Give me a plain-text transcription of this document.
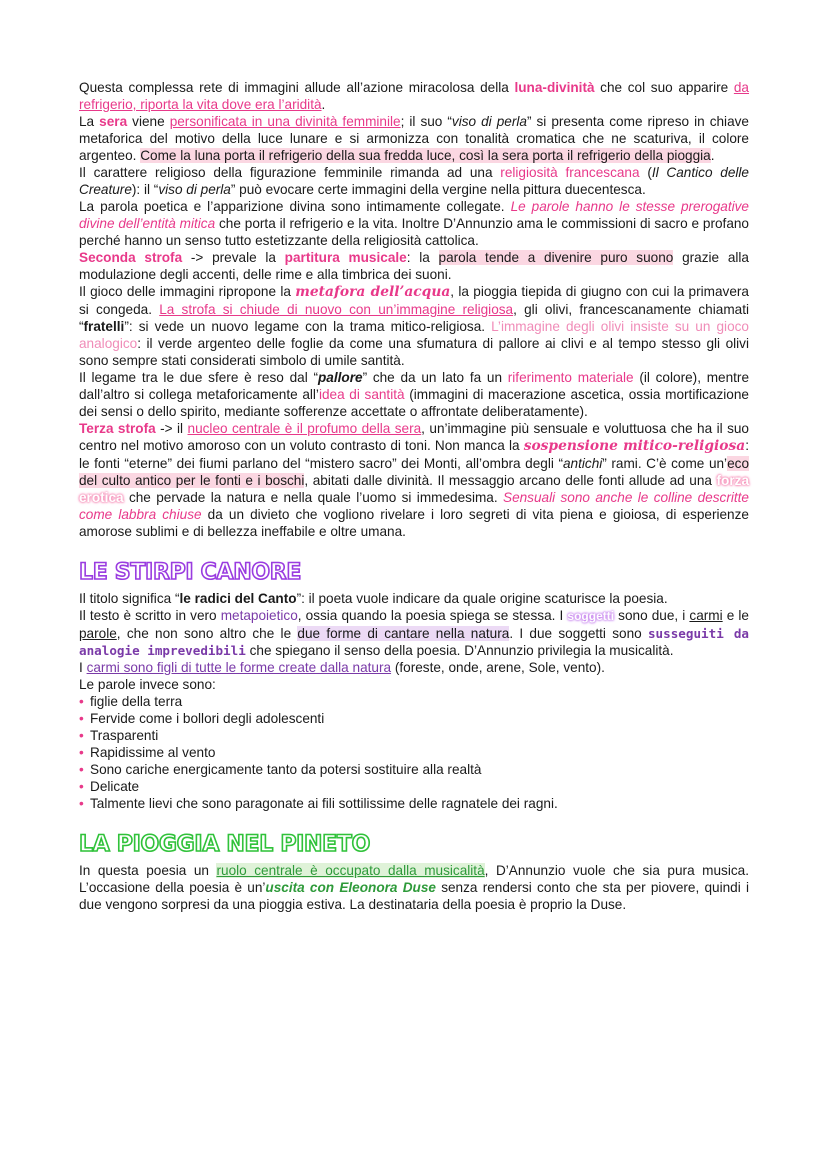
Questa complessa rete di immagini allude all’azione miracolosa della luna-divinità che col suo apparire da refrigerio, riporta la vita dove era l’aridità.

La sera viene personificata in una divinità femminile; il suo “viso di perla” si presenta come ripreso in chiave metaforica del motivo della luce lunare e si armonizza con tonalità cromatica che ne scaturiva, il colore argenteo. Come la luna porta il refrigerio della sua fredda luce, così la sera porta il refrigerio della pioggia.

Il carattere religioso della figurazione femminile rimanda ad una religiosità francescana (Il Cantico delle Creature): il “viso di perla” può evocare certe immagini della vergine nella pittura duecentesca.

La parola poetica e l’apparizione divina sono intimamente collegate. Le parole hanno le stesse prerogative divine dell’entità mitica che porta il refrigerio e la vita. Inoltre D’Annunzio ama le commissioni di sacro e profano perché hanno un senso tutto estetizzante della religiosità cattolica.

Seconda strofa -> prevale la partitura musicale: la parola tende a divenire puro suono grazie alla modulazione degli accenti, delle rime e alla timbrica dei suoni.

Il gioco delle immagini ripropone la metafora dell’acqua, la pioggia tiepida di giugno con cui la primavera si congeda. La strofa si chiude di nuovo con un’immagine religiosa, gli olivi, francescanamente chiamati “fratelli”: si vede un nuovo legame con la trama mitico-religiosa. L’immagine degli olivi insiste su un gioco analogico: il verde argenteo delle foglie da come una sfumatura di pallore ai clivi e al tempo stesso gli olivi sono sempre stati considerati simbolo di umile santità.

Il legame tra le due sfere è reso dal “pallore” che da un lato fa un riferimento materiale (il colore), mentre dall’altro si collega metaforicamente all’idea di santità (immagini di macerazione ascetica, ossia mortificazione dei sensi o dello spirito, mediante sofferenze accettate o affrontate deliberatamente).

Terza strofa -> il nucleo centrale è il profumo della sera, un’immagine più sensuale e voluttuosa che ha il suo centro nel motivo amoroso con un voluto contrasto di toni. Non manca la sospensione mitico-religiosa: le fonti “eterne” dei fiumi parlano del “mistero sacro” dei Monti, all’ombra degli “antichi” rami. C’è come un’eco del culto antico per le fonti e i boschi, abitati dalle divinità. Il messaggio arcano delle fonti allude ad una forza erotica che pervade la natura e nella quale l’uomo si immedesima. Sensuali sono anche le colline descritte come labbra chiuse da un divieto che vogliono rivelare i loro segreti di vita piena e gioiosa, di esperienze amorose sublimi e di bellezza ineffabile e oltre umana.

LE STIRPI CANORE

Il titolo significa “le radici del Canto”: il poeta vuole indicare da quale origine scaturisce la poesia.

Il testo è scritto in vero metapoietico, ossia quando la poesia spiega se stessa. I soggetti sono due, i carmi e le parole, che non sono altro che le due forme di cantare nella natura. I due soggetti sono susseguiti da analogie imprevedibili che spiegano il senso della poesia. D’Annunzio privilegia la musicalità.

I carmi sono figli di tutte le forme create dalla natura (foreste, onde, arene, Sole, vento).

Le parole invece sono:

• figlie della terra
• Fervide come i bollori degli adolescenti
• Trasparenti
• Rapidissime al vento
• Sono cariche energicamente tanto da potersi sostituire alla realtà
• Delicate
• Talmente lievi che sono paragonate ai fili sottilissime delle ragnatele dei ragni.
LA PIOGGIA NEL PINETO

In questa poesia un ruolo centrale è occupato dalla musicalità, D’Annunzio vuole che sia pura musica. L’occasione della poesia è un’uscita con Eleonora Duse senza rendersi conto che sta per piovere, quindi i due vengono sorpresi da una pioggia estiva. La destinataria della poesia è proprio la Duse.
